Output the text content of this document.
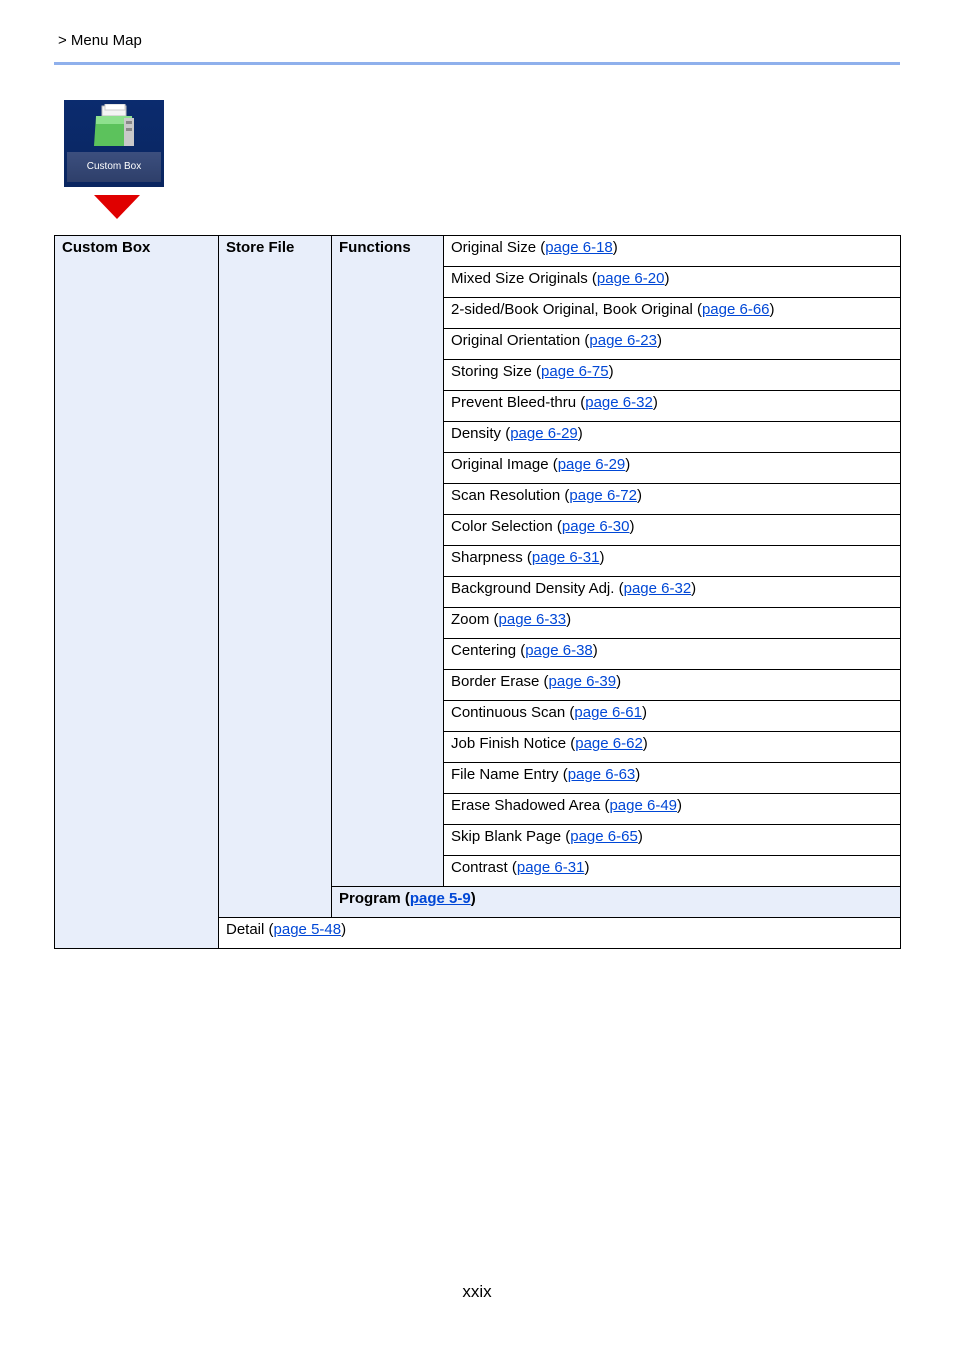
> Menu Map
Custom Box
Custom Box	Store File	Functions	Original Size (page 6-18)
Mixed Size Originals (page 6-20)
2-sided/Book Original, Book Original (page 6-66)
Original Orientation (page 6-23)
Storing Size (page 6-75)
Prevent Bleed-thru (page 6-32)
Density (page 6-29)
Original Image (page 6-29)
Scan Resolution (page 6-72)
Color Selection (page 6-30)
Sharpness (page 6-31)
Background Density Adj. (page 6-32)
Zoom (page 6-33)
Centering (page 6-38)
Border Erase (page 6-39)
Continuous Scan (page 6-61)
Job Finish Notice (page 6-62)
File Name Entry (page 6-63)
Erase Shadowed Area (page 6-49)
Skip Blank Page (page 6-65)
Contrast (page 6-31)
Program (page 5-9)
Detail (page 5-48)
xxix
